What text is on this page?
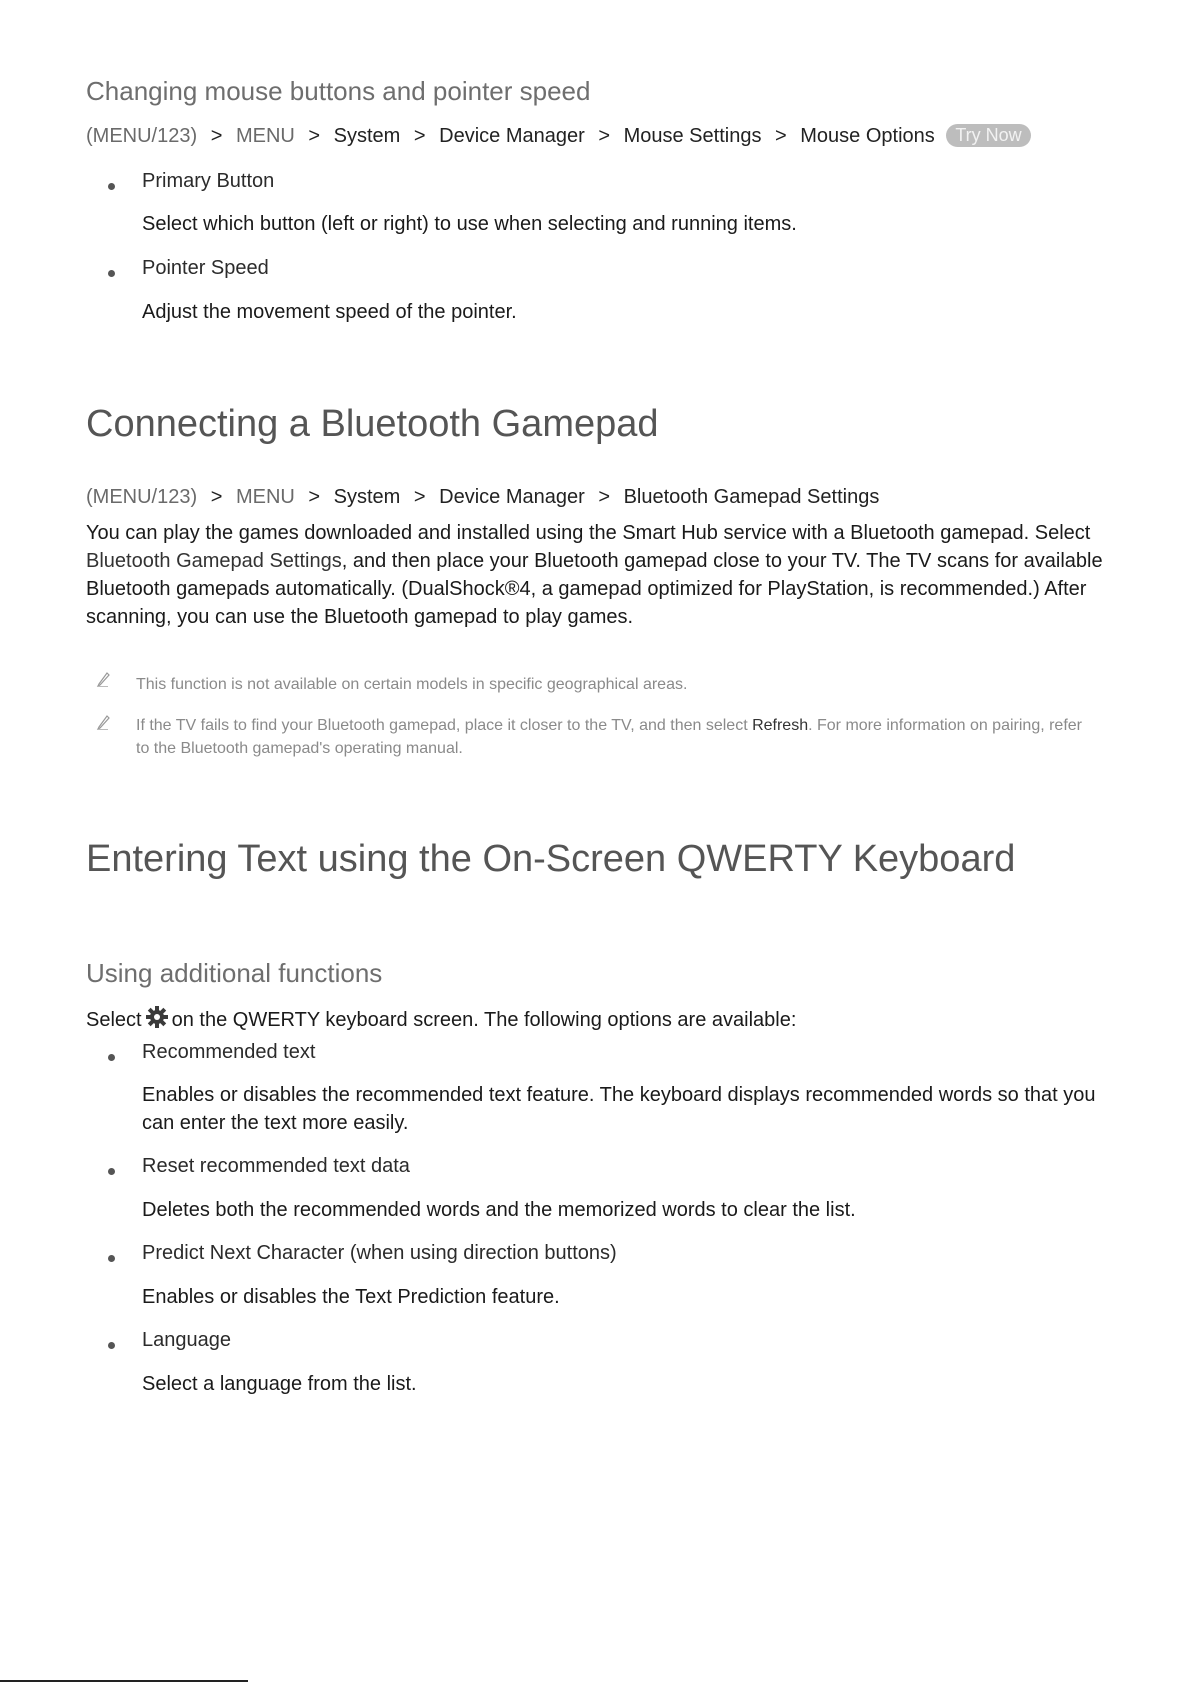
Changing mouse buttons and pointer speed
(MENU/123) > MENU > System > Device Manager > Mouse Settings > Mouse Options Try Now
Primary Button
Select which button (left or right) to use when selecting and running items.
Pointer Speed
Adjust the movement speed of the pointer.
Connecting a Bluetooth Gamepad
(MENU/123) > MENU > System > Device Manager > Bluetooth Gamepad Settings
You can play the games downloaded and installed using the Smart Hub service with a Bluetooth gamepad. Select Bluetooth Gamepad Settings, and then place your Bluetooth gamepad close to your TV. The TV scans for available Bluetooth gamepads automatically. (DualShock®4, a gamepad optimized for PlayStation, is recommended.) After scanning, you can use the Bluetooth gamepad to play games.
This function is not available on certain models in specific geographical areas.
If the TV fails to find your Bluetooth gamepad, place it closer to the TV, and then select Refresh. For more information on pairing, refer to the Bluetooth gamepad's operating manual.
Entering Text using the On-Screen QWERTY Keyboard
Using additional functions
Select on the QWERTY keyboard screen. The following options are available:
Recommended text
Enables or disables the recommended text feature. The keyboard displays recommended words so that you can enter the text more easily.
Reset recommended text data
Deletes both the recommended words and the memorized words to clear the list.
Predict Next Character (when using direction buttons)
Enables or disables the Text Prediction feature.
Language
Select a language from the list.
